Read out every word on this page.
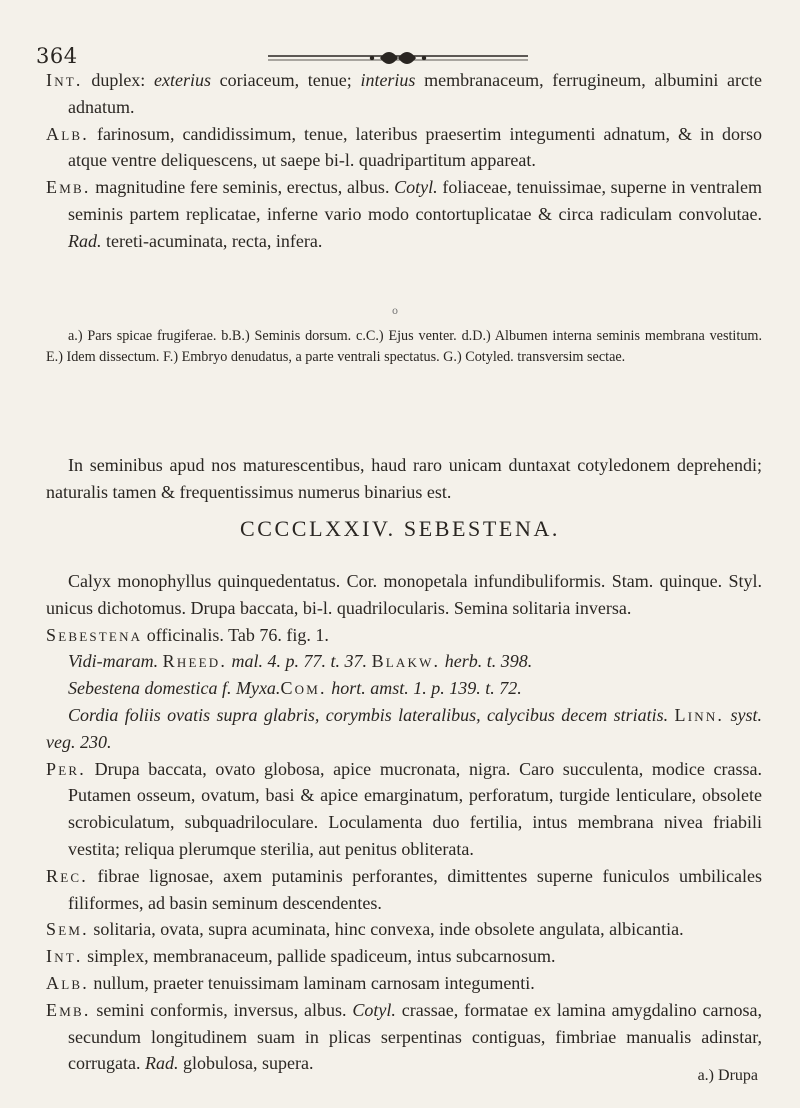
364

Int. duplex: exterius coriaceum, tenue; interius membranaceum, ferrugineum, albumini arcte adnatum.

Alb. farinosum, candidissimum, tenue, lateribus praesertim integumenti adnatum, & in dorso atque ventre deliquescens, ut saepe bi-l. quadripartitum appareat.

Emb. magnitudine fere seminis, erectus, albus. Cotyl. foliaceae, tenuissimae, superne in ventralem seminis partem replicatae, inferne vario modo contortuplicatae & circa radiculam convolutae. Rad. tereti-acuminata, recta, infera.

o

a.) Pars spicae frugiferae. b.B.) Seminis dorsum. c.C.) Ejus venter. d.D.) Albumen interna seminis membrana vestitum. E.) Idem dissectum. F.) Embryo denudatus, a parte ventrali spectatus. G.) Cotyled. transversim sectae.

In seminibus apud nos maturescentibus, haud raro unicam duntaxat cotyledonem deprehendi; naturalis tamen & frequentissimus numerus binarius est.

CCCCLXXIV. SEBESTENA.

Calyx monophyllus quinquedentatus. Cor. monopetala infundibuliformis. Stam. quinque. Styl. unicus dichotomus. Drupa baccata, bi-l. quadrilocularis. Semina solitaria inversa.

Sebestena officinalis. Tab 76. fig. 1.

Vidi-maram. Rheed. mal. 4. p. 77. t. 37. Blakw. herb. t. 398.

Sebestena domestica f. Myxa.Com. hort. amst. 1. p. 139. t. 72.

Cordia foliis ovatis supra glabris, corymbis lateralibus, calycibus decem striatis. Linn. syst. veg. 230.

Per. Drupa baccata, ovato globosa, apice mucronata, nigra. Caro succulenta, modice crassa. Putamen osseum, ovatum, basi & apice emarginatum, perforatum, turgide lenticulare, obsolete scrobiculatum, subquadriloculare. Loculamenta duo fertilia, intus membrana nivea friabili vestita; reliqua plerumque sterilia, aut penitus obliterata.

Rec. fibrae lignosae, axem putaminis perforantes, dimittentes superne funiculos umbilicales filiformes, ad basin seminum descendentes.

Sem. solitaria, ovata, supra acuminata, hinc convexa, inde obsolete angulata, albicantia.

Int. simplex, membranaceum, pallide spadiceum, intus subcarnosum.

Alb. nullum, praeter tenuissimam laminam carnosam integumenti.

Emb. semini conformis, inversus, albus. Cotyl. crassae, formatae ex lamina amygdalino carnosa, secundum longitudinem suam in plicas serpentinas contiguas, fimbriae manualis adinstar, corrugata. Rad. globulosa, supera.

a.) Drupa
